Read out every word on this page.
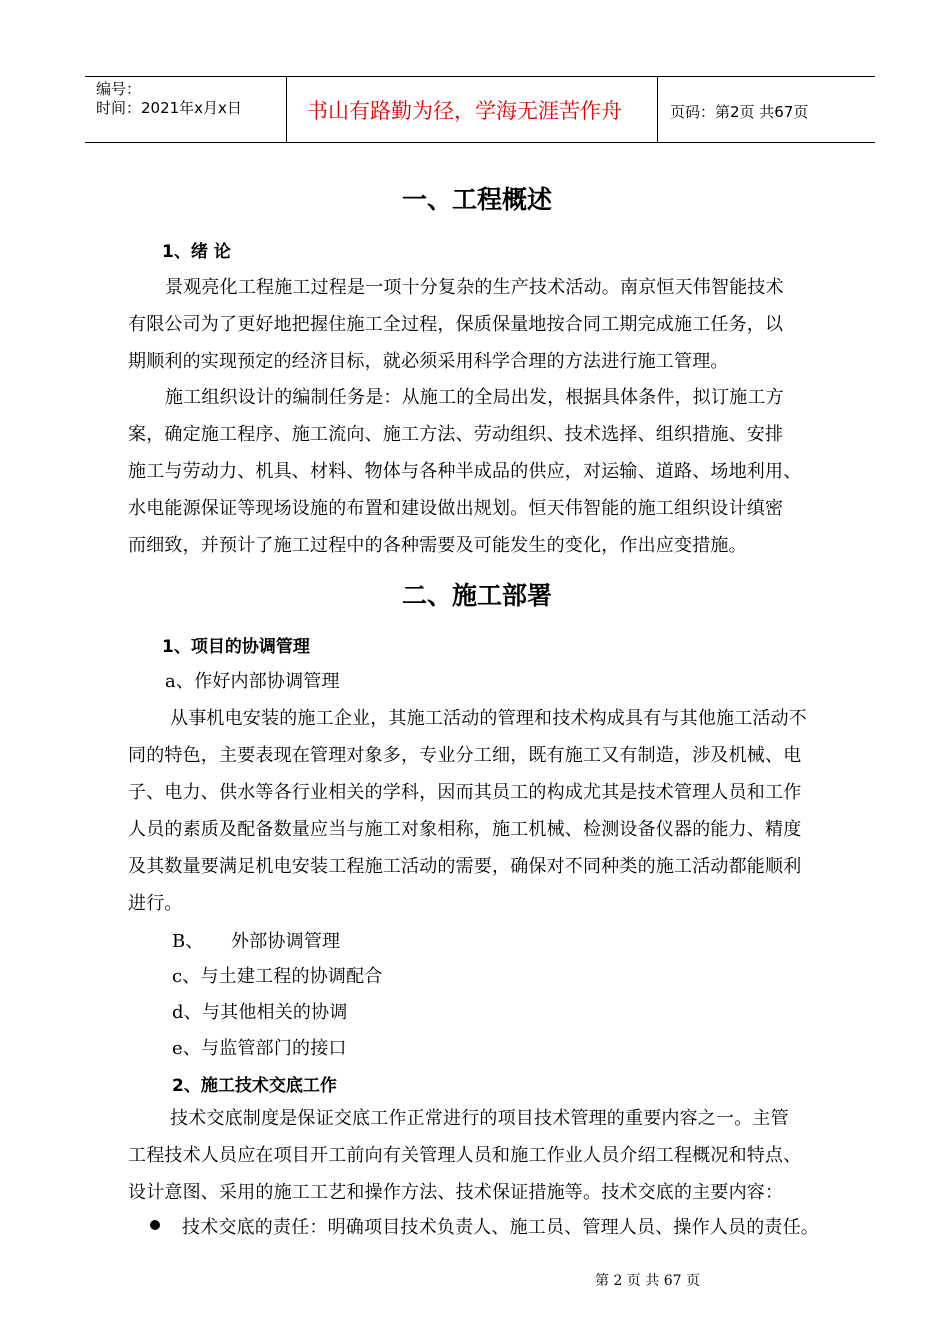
编号：
时间：2021年x月x日	书山有路勤为径，学海无涯苦作舟	页码：第2页 共67页
一、工程概述
1、绪 论
景观亮化工程施工过程是一项十分复杂的生产技术活动。南京恒天伟智能技术
有限公司为了更好地把握住施工全过程，保质保量地按合同工期完成施工任务，以
期顺利的实现预定的经济目标，就必须采用科学合理的方法进行施工管理。
施工组织设计的编制任务是：从施工的全局出发，根据具体条件，拟订施工方
案，确定施工程序、施工流向、施工方法、劳动组织、技术选择、组织措施、安排
施工与劳动力、机具、材料、物体与各种半成品的供应，对运输、道路、场地利用、
水电能源保证等现场设施的布置和建设做出规划。恒天伟智能的施工组织设计缜密
而细致，并预计了施工过程中的各种需要及可能发生的变化，作出应变措施。
二、施工部署
1、项目的协调管理
a、作好内部协调管理
从事机电安装的施工企业，其施工活动的管理和技术构成具有与其他施工活动不
同的特色，主要表现在管理对象多，专业分工细，既有施工又有制造，涉及机械、电
子、电力、供水等各行业相关的学科，因而其员工的构成尤其是技术管理人员和工作
人员的素质及配备数量应当与施工对象相称，施工机械、检测设备仪器的能力、精度
及其数量要满足机电安装工程施工活动的需要，确保对不同种类的施工活动都能顺利
进行。
B、　　外部协调管理
c、与土建工程的协调配合
d、与其他相关的协调
e、与监管部门的接口
2、施工技术交底工作
技术交底制度是保证交底工作正常进行的项目技术管理的重要内容之一。主管
工程技术人员应在项目开工前向有关管理人员和施工作业人员介绍工程概况和特点、
设计意图、采用的施工工艺和操作方法、技术保证措施等。技术交底的主要内容：
技术交底的责任：明确项目技术负责人、施工员、管理人员、操作人员的责任。
第 2 页 共 67 页
